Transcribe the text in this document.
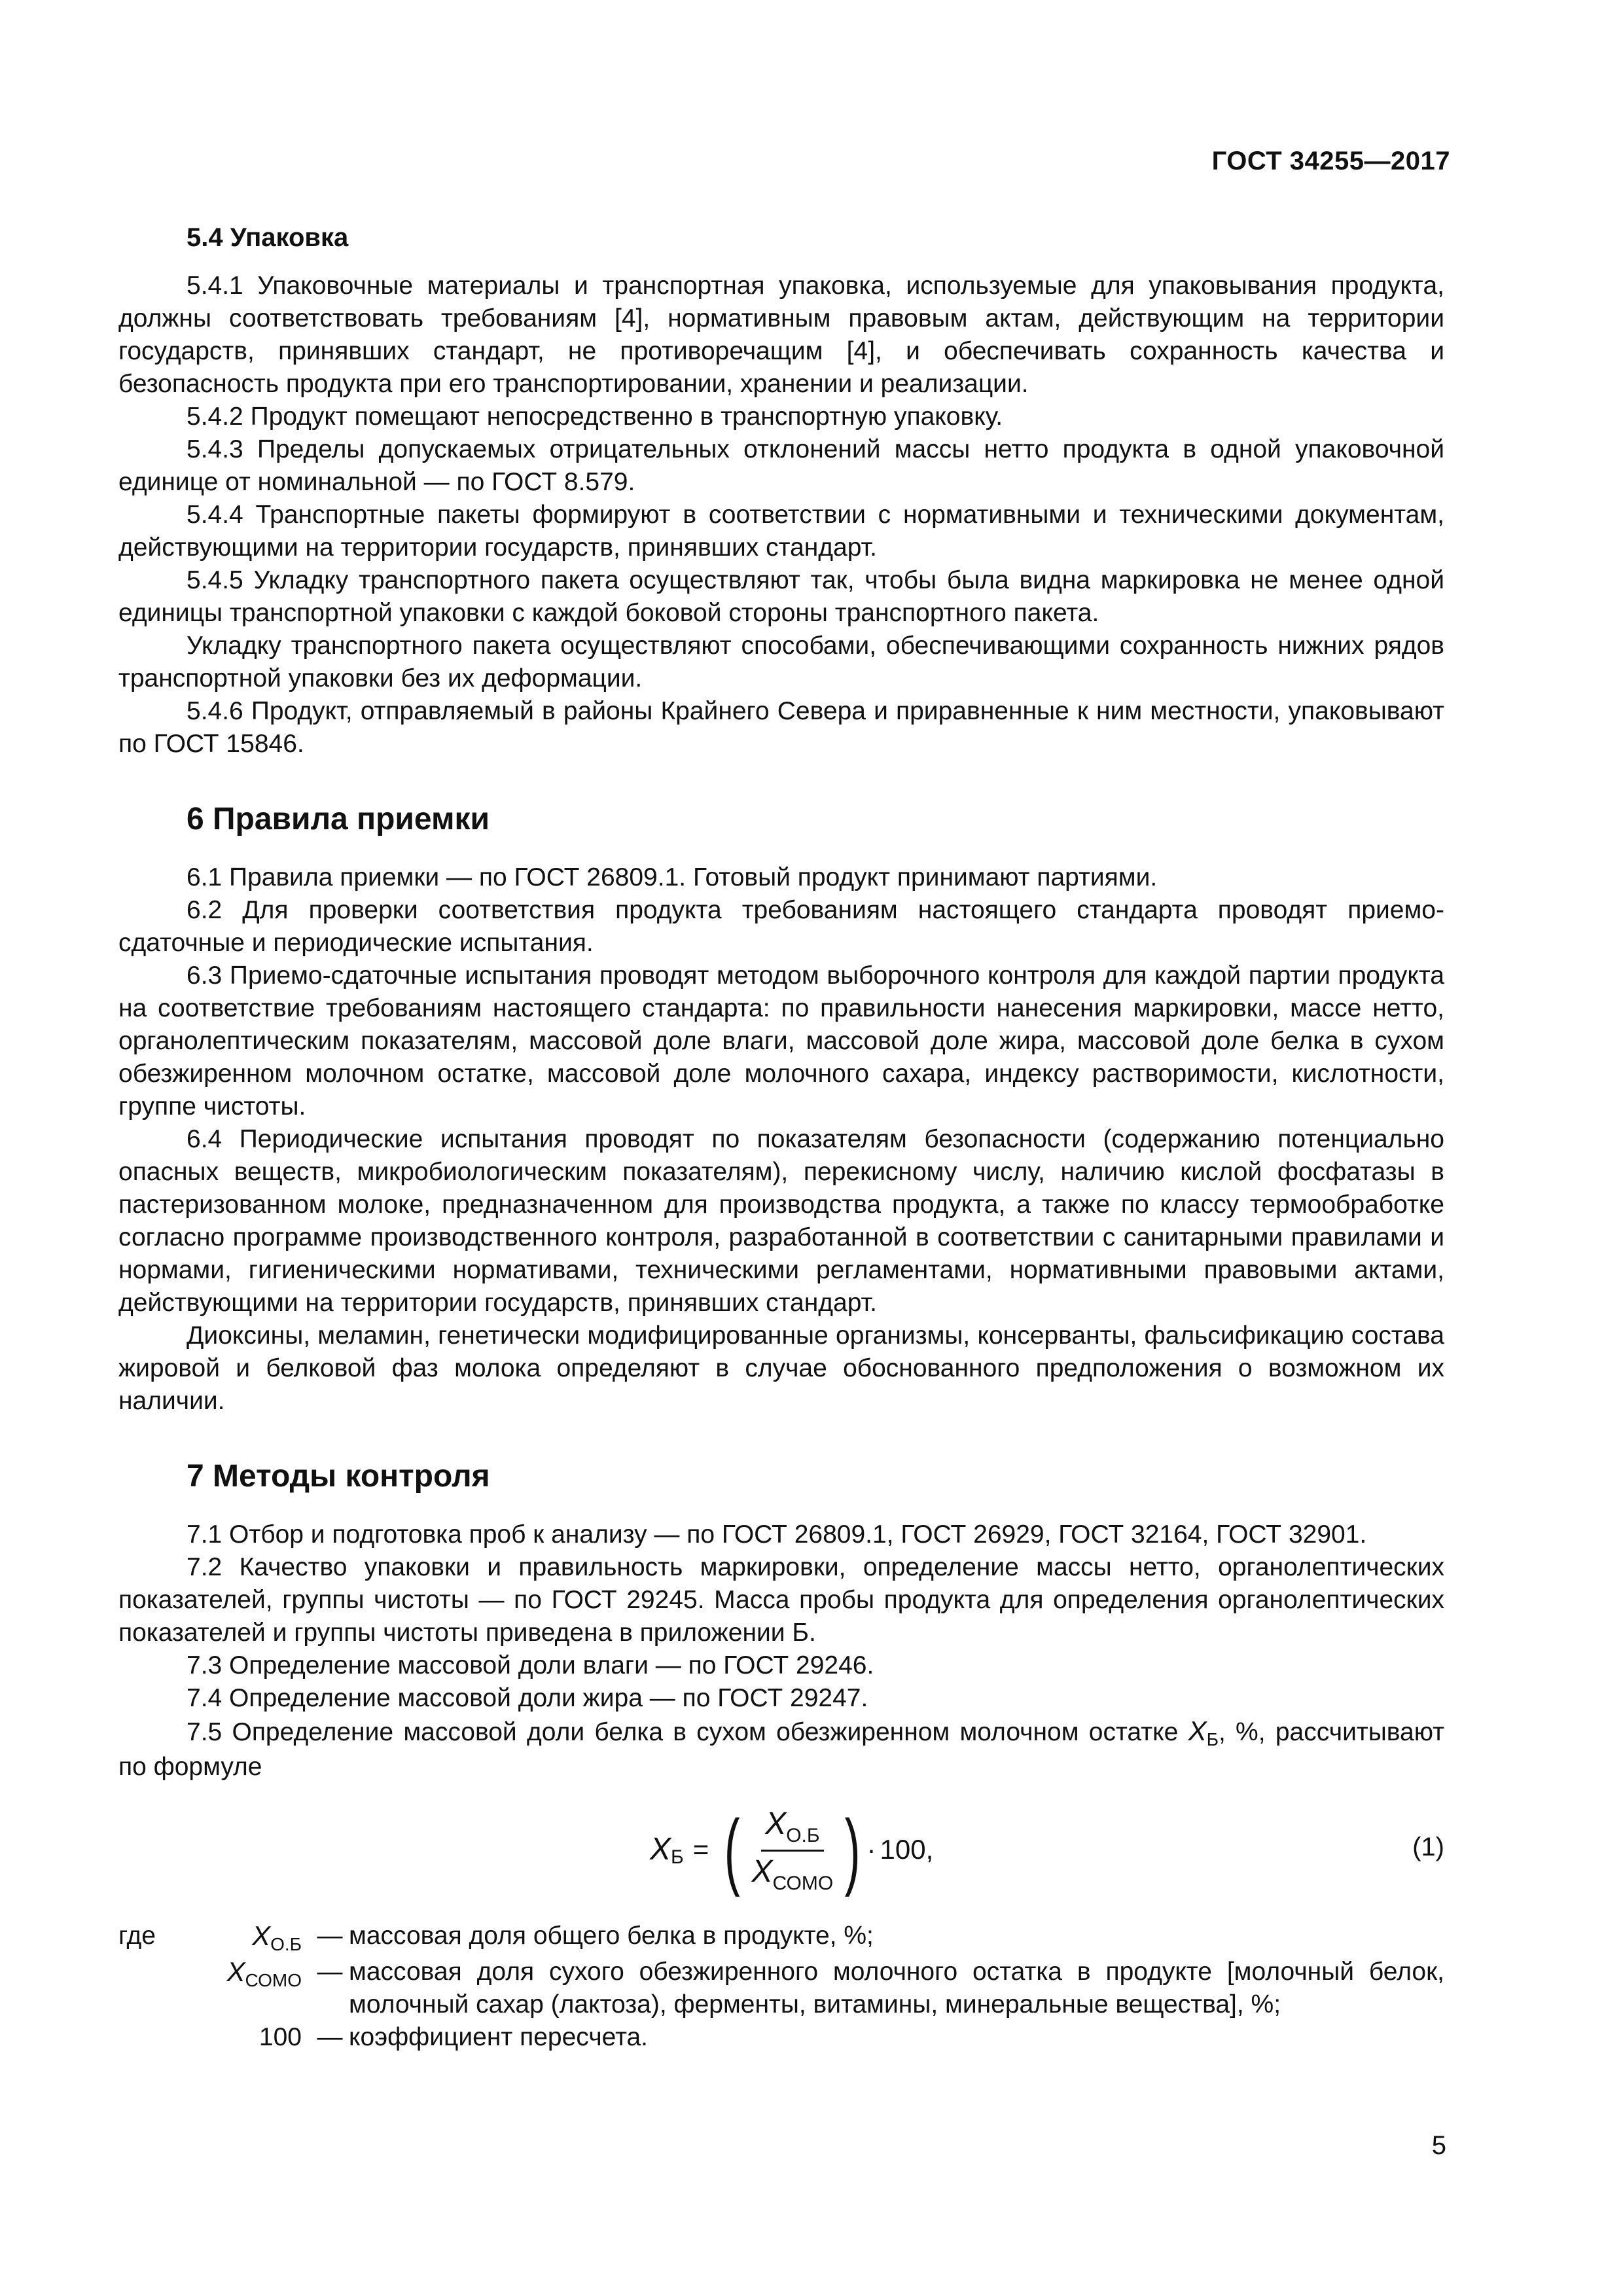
ГОСТ 34255—2017
5.4 Упаковка

5.4.1 Упаковочные материалы и транспортная упаковка, используемые для упаковывания продукта, должны соответствовать требованиям [4], нормативным правовым актам, действующим на территории государств, принявших стандарт, не противоречащим [4], и обеспечивать сохранность качества и безопасность продукта при его транспортировании, хранении и реализации.

5.4.2 Продукт помещают непосредственно в транспортную упаковку.

5.4.3 Пределы допускаемых отрицательных отклонений массы нетто продукта в одной упаковочной единице от номинальной — по ГОСТ 8.579.

5.4.4 Транспортные пакеты формируют в соответствии с нормативными и техническими документам, действующими на территории государств, принявших стандарт.

5.4.5 Укладку транспортного пакета осуществляют так, чтобы была видна маркировка не менее одной единицы транспортной упаковки с каждой боковой стороны транспортного пакета.

Укладку транспортного пакета осуществляют способами, обеспечивающими сохранность нижних рядов транспортной упаковки без их деформации.

5.4.6 Продукт, отправляемый в районы Крайнего Севера и приравненные к ним местности, упаковывают по ГОСТ 15846.

6 Правила приемки

6.1 Правила приемки — по ГОСТ 26809.1. Готовый продукт принимают партиями.

6.2 Для проверки соответствия продукта требованиям настоящего стандарта проводят приемо-сдаточные и периодические испытания.

6.3 Приемо-сдаточные испытания проводят методом выборочного контроля для каждой партии продукта на соответствие требованиям настоящего стандарта: по правильности нанесения маркировки, массе нетто, органолептическим показателям, массовой доле влаги, массовой доле жира, массовой доле белка в сухом обезжиренном молочном остатке, массовой доле молочного сахара, индексу растворимости, кислотности, группе чистоты.

6.4 Периодические испытания проводят по показателям безопасности (содержанию потенциально опасных веществ, микробиологическим показателям), перекисному числу, наличию кислой фосфатазы в пастеризованном молоке, предназначенном для производства продукта, а также по классу термообработке согласно программе производственного контроля, разработанной в соответствии с санитарными правилами и нормами, гигиеническими нормативами, техническими регламентами, нормативными правовыми актами, действующими на территории государств, принявших стандарт.

Диоксины, меламин, генетически модифицированные организмы, консерванты, фальсификацию состава жировой и белковой фаз молока определяют в случае обоснованного предположения о возможном их наличии.

7 Методы контроля

7.1 Отбор и подготовка проб к анализу — по ГОСТ 26809.1, ГОСТ 26929, ГОСТ 32164, ГОСТ 32901.

7.2 Качество упаковки и правильность маркировки, определение массы нетто, органолептических показателей, группы чистоты — по ГОСТ 29245. Масса пробы продукта для определения органолептических показателей и группы чистоты приведена в приложении Б.

7.3 Определение массовой доли влаги — по ГОСТ 29246.

7.4 Определение массовой доли жира — по ГОСТ 29247.

7.5 Определение массовой доли белка в сухом обезжиренном молочном остатке $X_Б$, %, рассчитывают по формуле

X Б = ( $\frac{X_{О.Б}}{X_{СОМО}}$ ) · 100,	(1)
где	$X_{О.Б}$ — массовая доля общего белка в продукте, %;
$X_{СОМО}$ — массовая доля сухого обезжиренного молочного остатка в продукте [молочный белок, молочный сахар (лактоза), ферменты, витамины, минеральные вещества], %;
100 — коэффициент пересчета.
5
